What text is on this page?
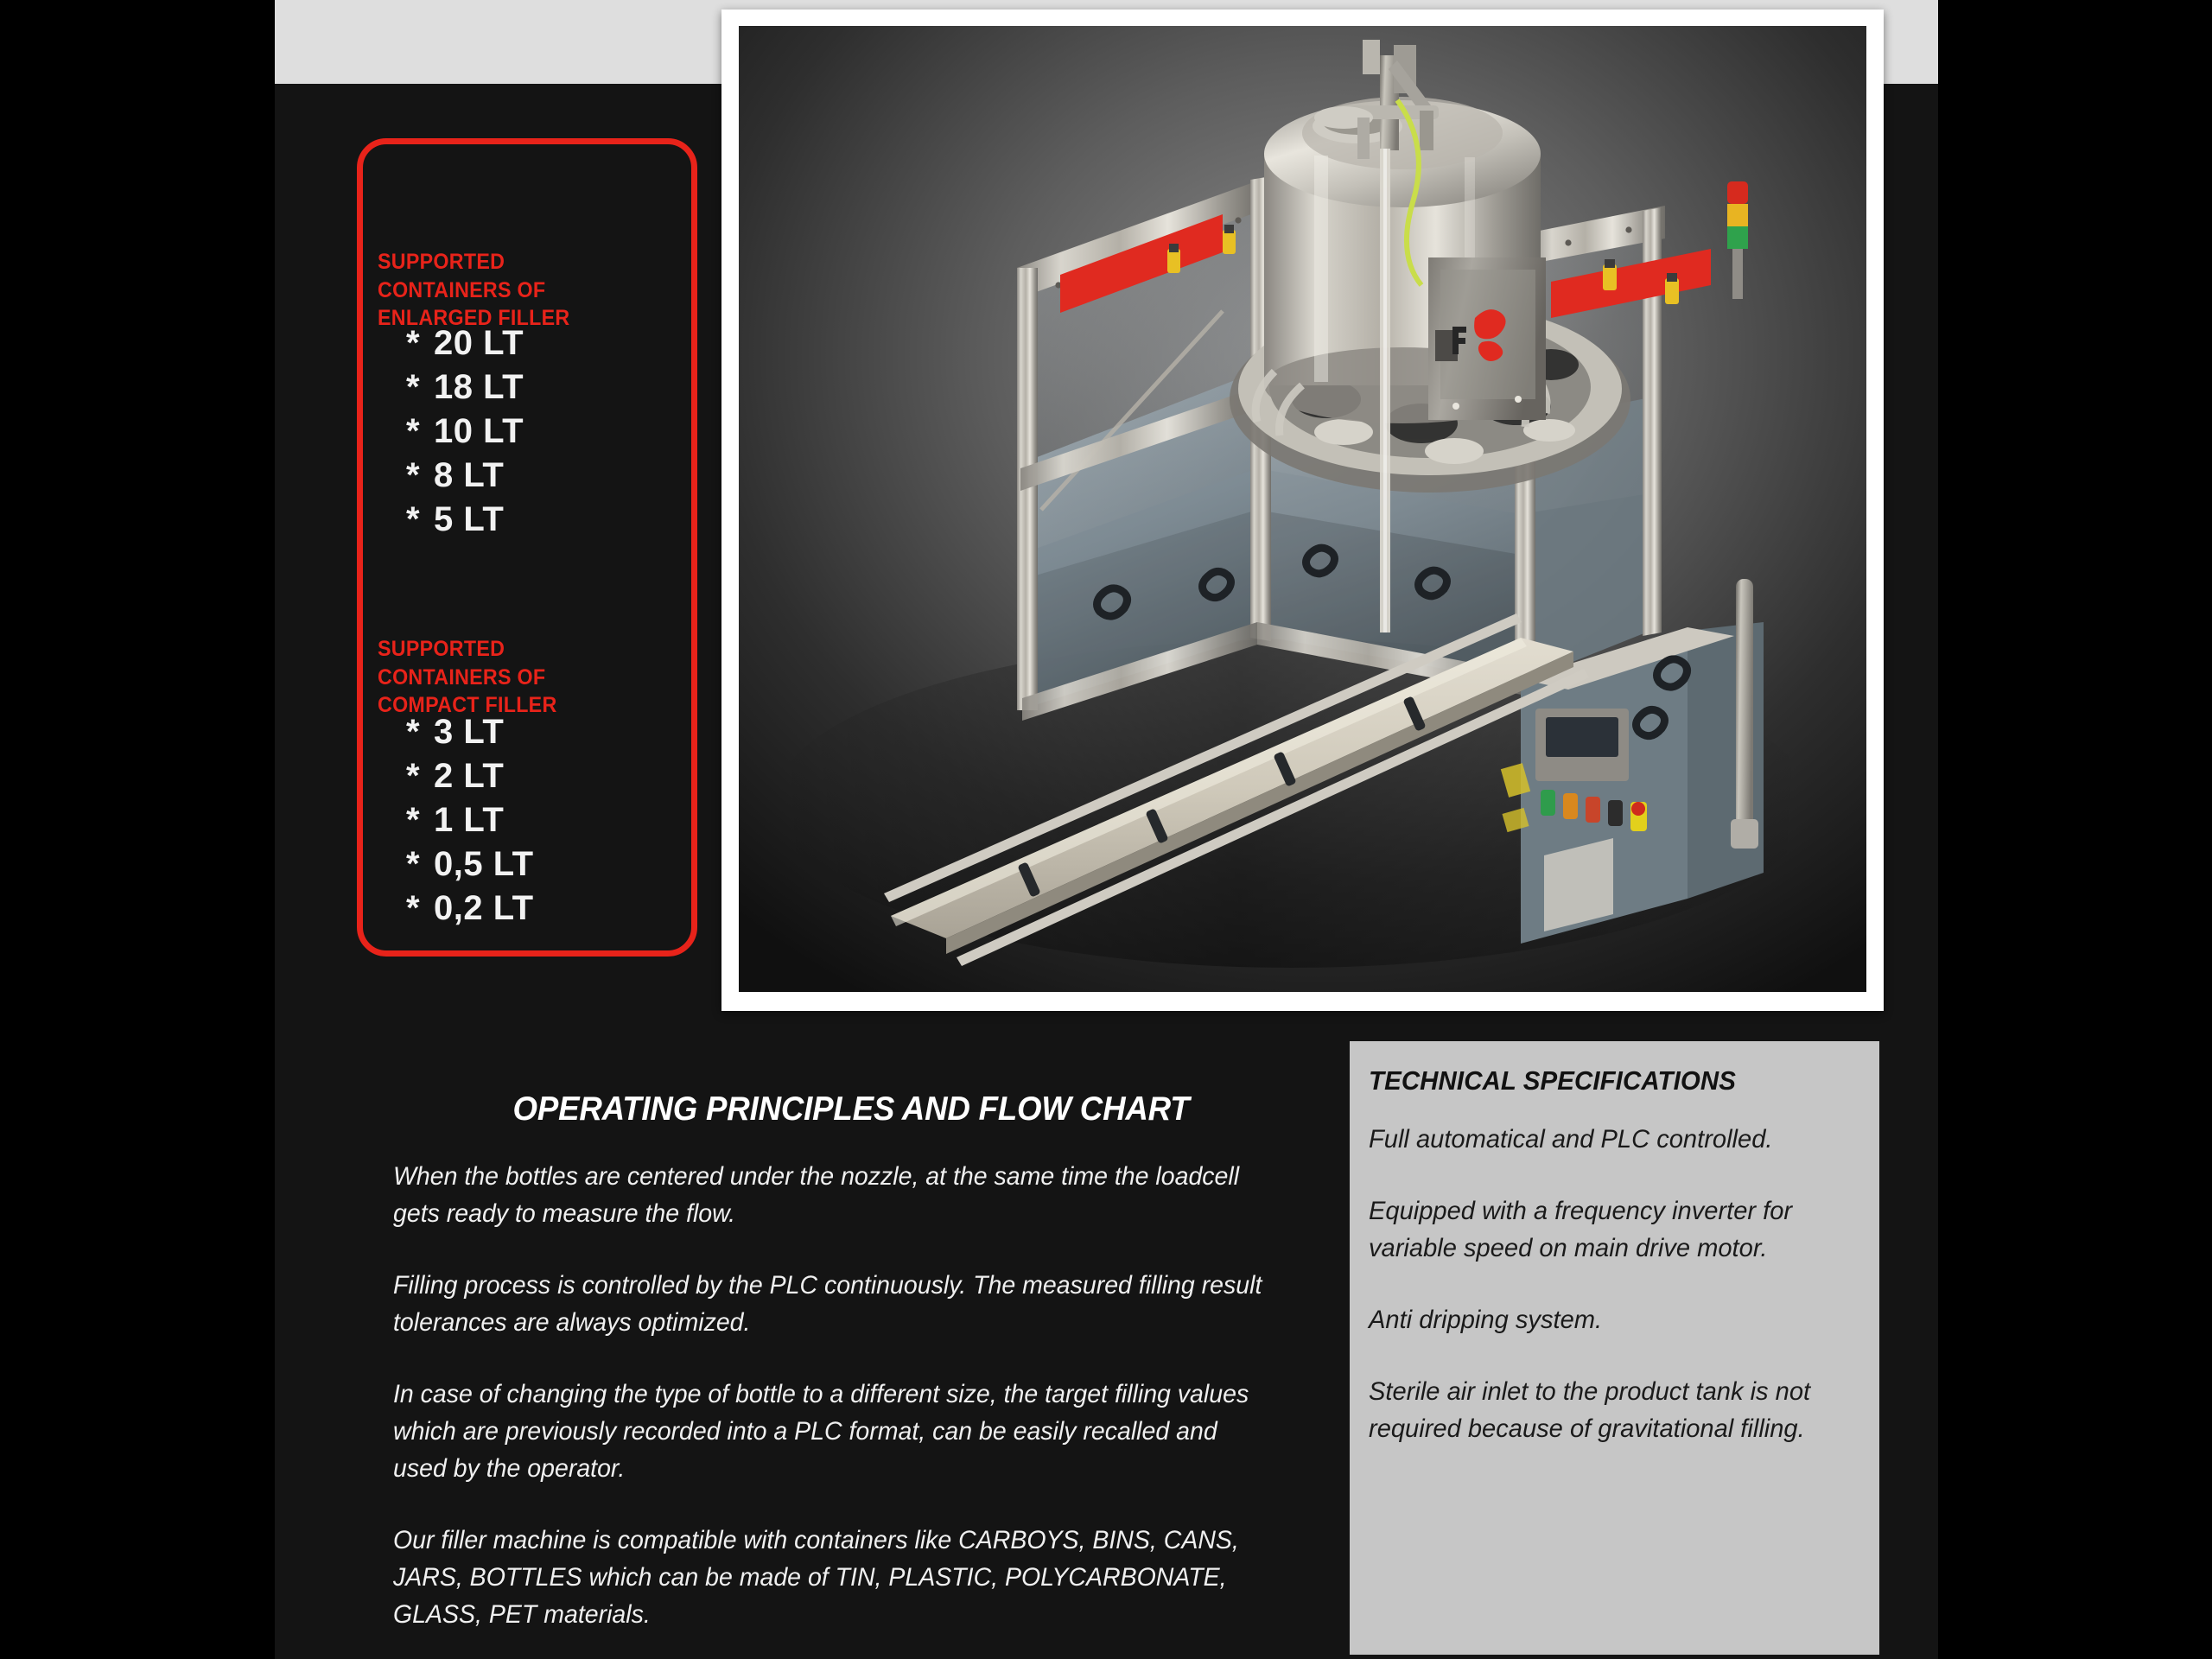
SUPPORTED CONTAINERS OF
ENLARGED FILLER
* 20 LT
* 18 LT
* 10 LT
* 8 LT
* 5 LT
SUPPORTED CONTAINERS OF
COMPACT FILLER
* 3 LT
* 2 LT
* 1 LT
* 0,5 LT
* 0,2 LT
OPERATING PRINCIPLES AND FLOW CHART

When the bottles are centered under the nozzle, at the same time the loadcell gets ready to measure the flow.

Filling process is controlled by the PLC continuously. The measured filling result tolerances are always optimized.

In case of changing the type of bottle to a different size, the target filling values which are previously recorded into a PLC format, can be easily recalled and used by the operator.

Our filler machine is compatible with containers like CARBOYS, BINS, CANS, JARS, BOTTLES which can be made of TIN, PLASTIC, POLYCARBONATE, GLASS, PET materials.

TECHNICAL SPECIFICATIONS

Full automatical and PLC controlled.

Equipped with a frequency inverter for variable speed on main drive motor.

Anti dripping system.

Sterile air inlet to the product tank is not required because of gravitational filling.
